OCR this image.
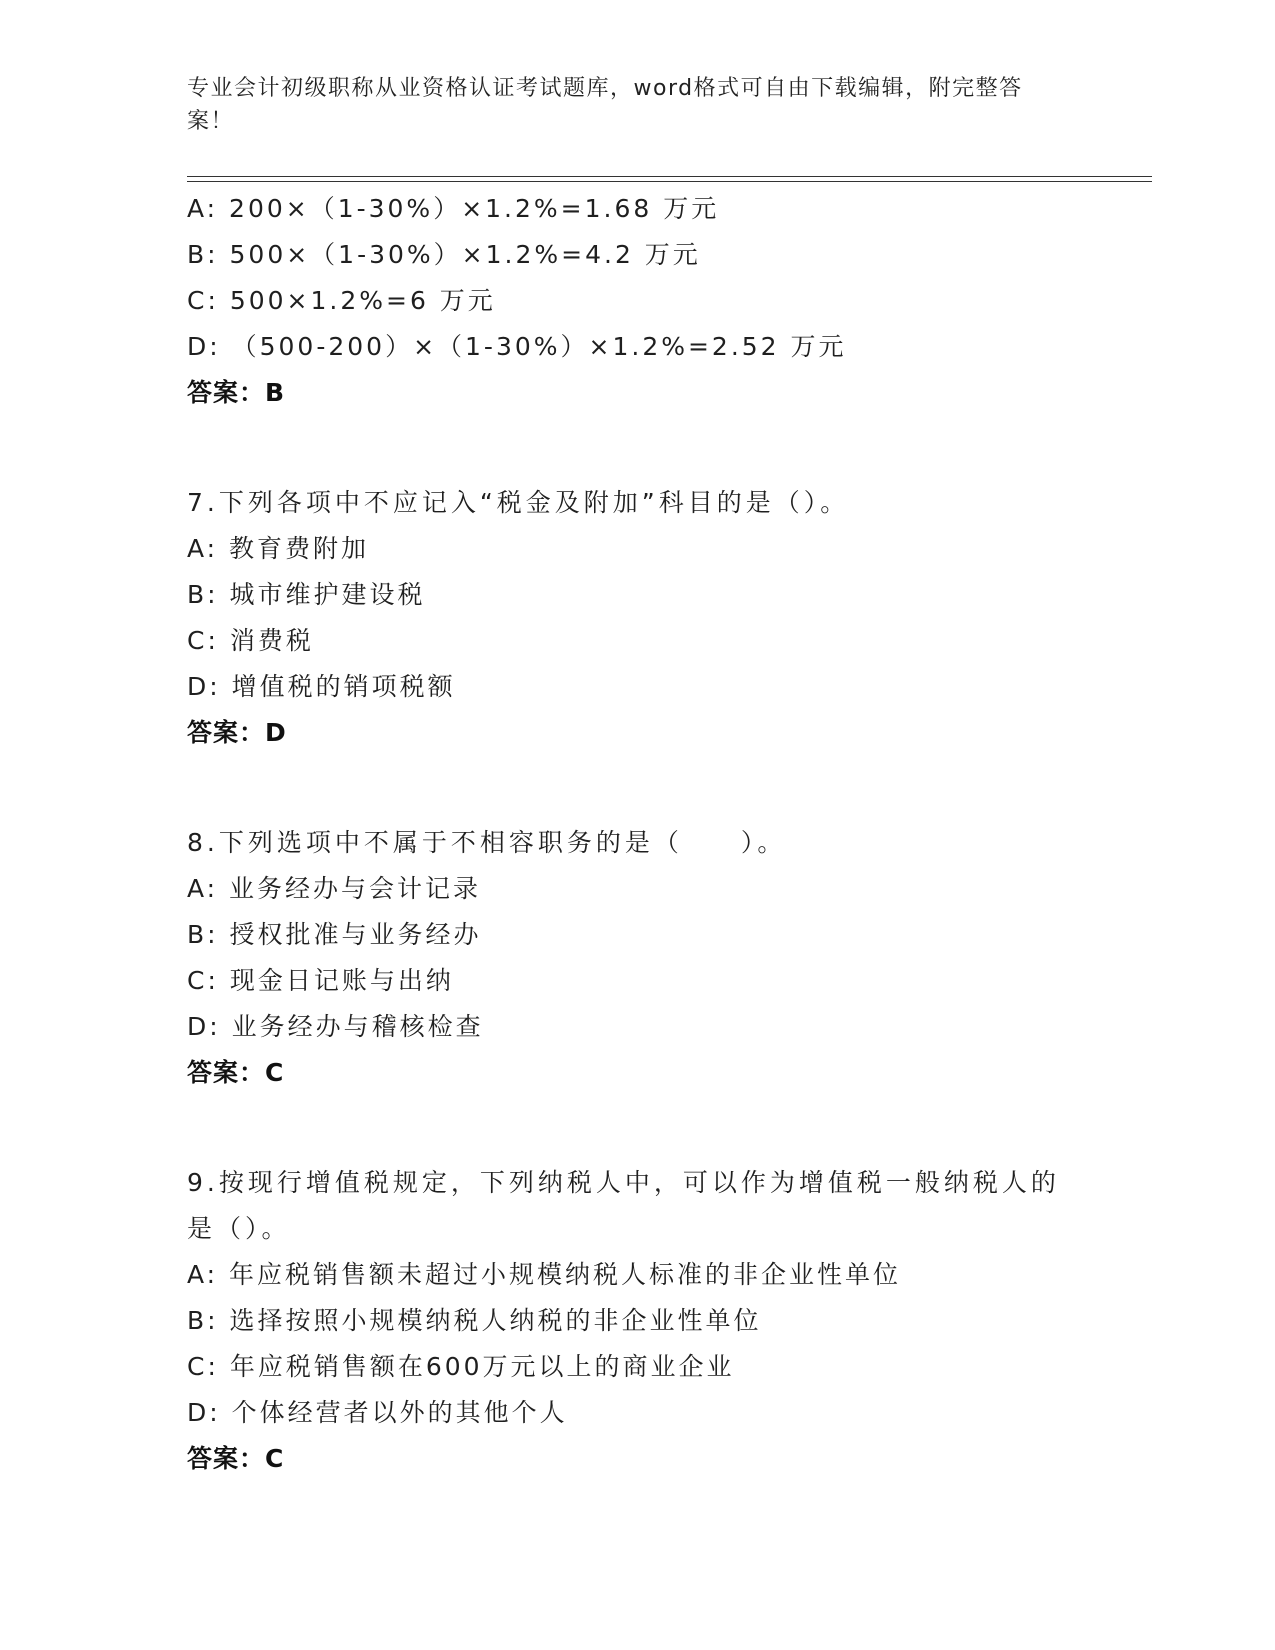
专业会计初级职称从业资格认证考试题库，word格式可自由下载编辑，附完整答案！
A: 200×（1-30%）×1.2%=1.68 万元
B: 500×（1-30%）×1.2%=4.2 万元
C: 500×1.2%=6 万元
D: （500-200）×（1-30%）×1.2%=2.52 万元
答案：B
7.下列各项中不应记入“税金及附加”科目的是（）。
A: 教育费附加
B: 城市维护建设税
C: 消费税
D: 增值税的销项税额
答案：D
8.下列选项中不属于不相容职务的是（　　）。
A: 业务经办与会计记录
B: 授权批准与业务经办
C: 现金日记账与出纳
D: 业务经办与稽核检查
答案：C
9.按现行增值税规定，下列纳税人中，可以作为增值税一般纳税人的是（）。
A: 年应税销售额未超过小规模纳税人标准的非企业性单位
B: 选择按照小规模纳税人纳税的非企业性单位
C: 年应税销售额在600万元以上的商业企业
D: 个体经营者以外的其他个人
答案：C
